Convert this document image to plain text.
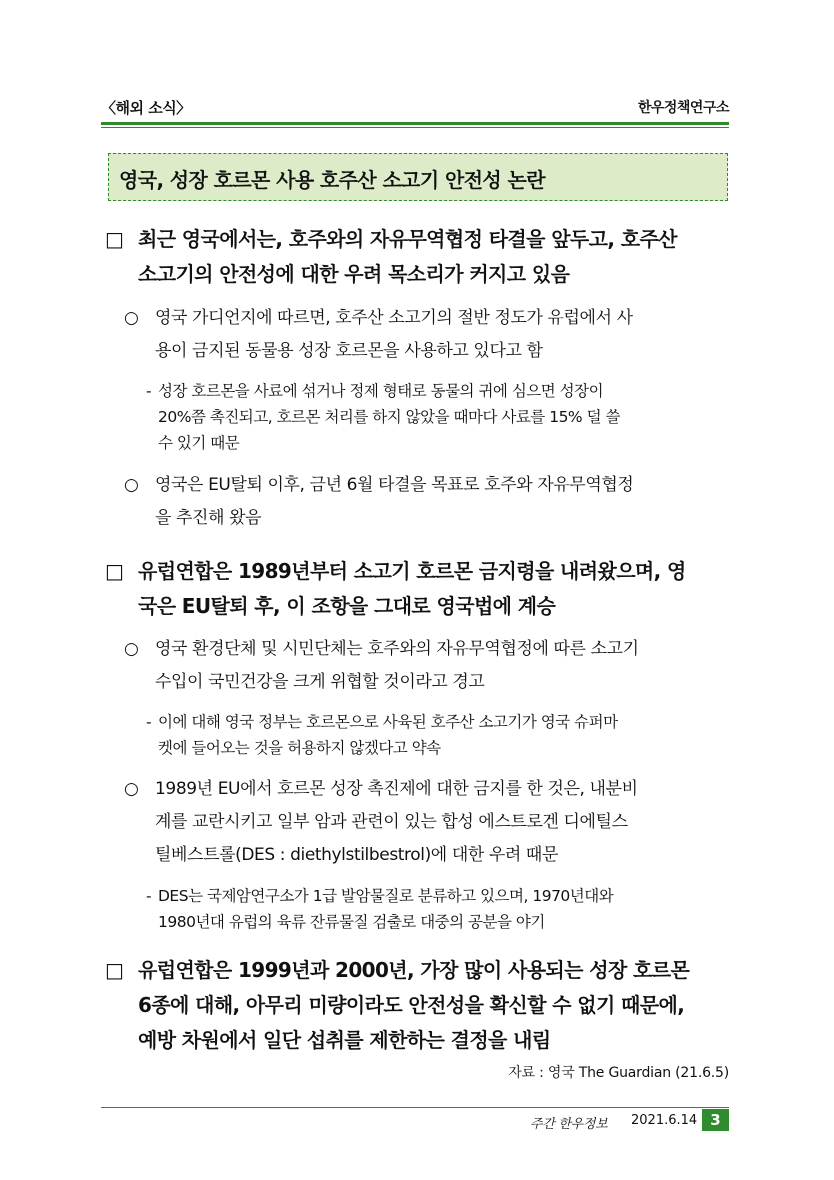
〈해외 소식〉	한우정책연구소
영국, 성장 호르몬 사용 호주산 소고기 안전성 논란
□ 최근 영국에서는, 호주와의 자유무역협정 타결을 앞두고, 호주산
소고기의 안전성에 대한 우려 목소리가 커지고 있음
○ 영국 가디언지에 따르면, 호주산 소고기의 절반 정도가 유럽에서 사
용이 금지된 동물용 성장 호르몬을 사용하고 있다고 함
- 성장 호르몬을 사료에 섞거나 정제 형태로 동물의 귀에 심으면 성장이
20%쯤 촉진되고, 호르몬 처리를 하지 않았을 때마다 사료를 15% 덜 쓸
수 있기 때문
○ 영국은 EU탈퇴 이후, 금년 6월 타결을 목표로 호주와 자유무역협정
을 추진해 왔음
□ 유럽연합은 1989년부터 소고기 호르몬 금지령을 내려왔으며, 영
국은 EU탈퇴 후, 이 조항을 그대로 영국법에 계승
○ 영국 환경단체 및 시민단체는 호주와의 자유무역협정에 따른 소고기
수입이 국민건강을 크게 위협할 것이라고 경고
- 이에 대해 영국 정부는 호르몬으로 사육된 호주산 소고기가 영국 슈퍼마
켓에 들어오는 것을 허용하지 않겠다고 약속
○ 1989년 EU에서 호르몬 성장 촉진제에 대한 금지를 한 것은, 내분비
계를 교란시키고 일부 암과 관련이 있는 합성 에스트로겐 디에틸스
틸베스트롤(DES : diethylstilbestrol)에 대한 우려 때문
- DES는 국제암연구소가 1급 발암물질로 분류하고 있으며, 1970년대와
1980년대 유럽의 육류 잔류물질 검출로 대중의 공분을 야기
□ 유럽연합은 1999년과 2000년, 가장 많이 사용되는 성장 호르몬
6종에 대해, 아무리 미량이라도 안전성을 확신할 수 없기 때문에,
예방 차원에서 일단 섭취를 제한하는 결정을 내림
자료 : 영국 The Guardian (21.6.5)
주간 한우정보 2021.6.14 3
